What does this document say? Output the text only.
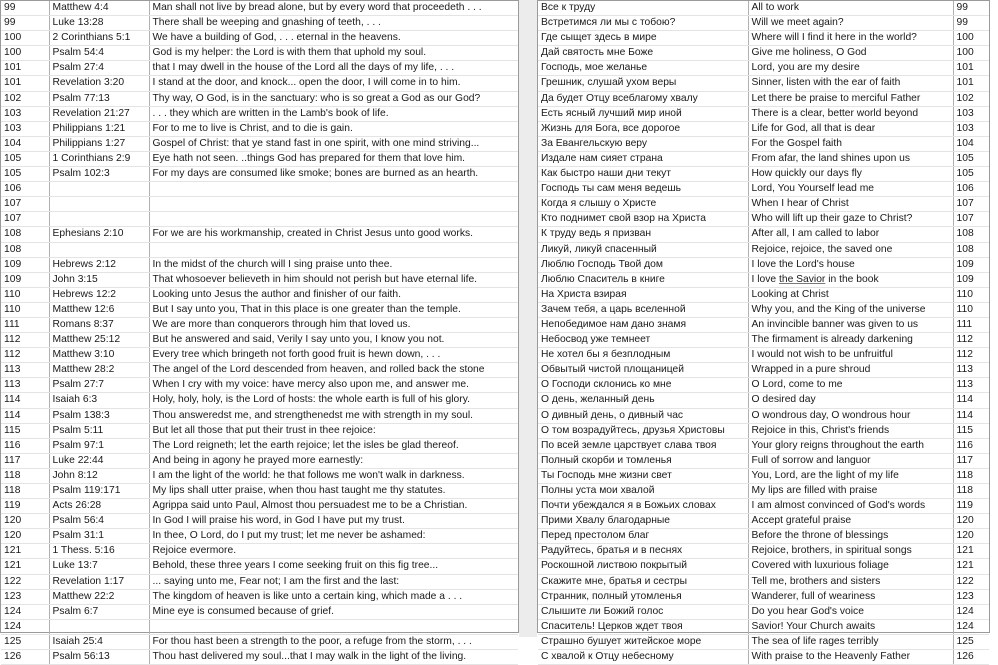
99	Matthew 4:4	Man shall not live by bread alone, but by every word that proceedeth . . .
99	Luke 13:28	There shall be weeping and gnashing of teeth, . . .
100	2 Corinthians 5:1	We have a building of God, . . . eternal in the heavens.
100	Psalm 54:4	God is my helper: the Lord is with them that uphold my soul.
101	Psalm 27:4	that I may dwell in the house of the Lord all the days of my life, . . .
101	Revelation 3:20	I stand at the door, and knock... open the door, I will come in to him.
102	Psalm 77:13	Thy way, O God, is in the sanctuary: who is so great a God as our God?
103	Revelation 21:27	. . . they which are written in the Lamb's book of life.
103	Philippians 1:21	For to me to live is Christ, and to die is gain.
104	Philippians 1:27	Gospel of Christ: that ye stand fast in one spirit, with one mind striving...
105	1 Corinthians 2:9	Eye hath not seen. ..things God has prepared for them that love him.
105	Psalm 102:3	For my days are consumed like smoke; bones are burned as an hearth.
106		
107		
107		
108	Ephesians 2:10	For we are his workmanship, created in Christ Jesus unto good works.
108		
109	Hebrews 2:12	In the midst of the church will I sing praise unto thee.
109	John 3:15	That whosoever believeth in him should not perish but have eternal life.
110	Hebrews 12:2	Looking unto Jesus the author and finisher of our faith.
110	Matthew 12:6	But I say unto you, That in this place is one greater than the temple.
111	Romans 8:37	We are more than conquerors through him that loved us.
112	Matthew 25:12	But he answered and said, Verily I say unto you, I know you not.
112	Matthew 3:10	Every tree which bringeth not forth good fruit is hewn down, . . .
113	Matthew 28:2	The angel of the Lord descended from heaven, and rolled back the stone
113	Psalm 27:7	When I cry with my voice: have mercy also upon me, and answer me.
114	Isaiah 6:3	Holy, holy, holy, is the Lord of hosts: the whole earth is full of his glory.
114	Psalm 138:3	Thou answeredst me, and strengthenedst me with strength in my soul.
115	Psalm 5:11	But let all those that put their trust in thee rejoice:
116	Psalm 97:1	The Lord reigneth; let the earth rejoice; let the isles be glad thereof.
117	Luke 22:44	And being in agony he prayed more earnestly:
118	John 8:12	I am the light of the world: he that follows me won't walk in darkness.
118	Psalm 119:171	My lips shall utter praise, when thou hast taught me thy statutes.
119	Acts 26:28	Agrippa said unto Paul, Almost thou persuadest me to be a Christian.
120	Psalm 56:4	In God I will praise his word, in God I have put my trust.
120	Psalm 31:1	In thee, O Lord, do I put my trust; let me never be ashamed:
121	1 Thess. 5:16	Rejoice evermore.
121	Luke 13:7	Behold, these three years I come seeking fruit on this fig tree...
122	Revelation 1:17	... saying unto me, Fear not; I am the first and the last:
123	Matthew 22:2	The kingdom of heaven is like unto a certain king, which made a . . .
124	Psalm 6:7	Mine eye is consumed because of grief.
124		
125	Isaiah 25:4	For thou hast been a strength to the poor, a refuge from the storm, . . .
126	Psalm 56:13	Thou hast delivered my soul...that I may walk in the light of the living.
Все к труду	All to work	99
Встретимся ли мы с тобою?	Will we meet again?	99
Где сыщет здесь в мире	Where will I find it here in the world?	100
Дай святость мне Боже	Give me holiness, O God	100
Господь, мое желанье	Lord, you are my desire	101
Грешник, слушай ухом веры	Sinner, listen with the ear of faith	101
Да будет Отцу всеблагому хвалу	Let there be praise to merciful Father	102
Есть ясный лучший мир иной	There is a clear, better world beyond	103
Жизнь для Бога, все дорогое	Life for God, all that is dear	103
За Евангельскую веру	For the Gospel faith	104
Издале нам сияет страна	From afar, the land shines upon us	105
Как быстро наши дни текут	How quickly our days fly	105
Господь ты сам меня ведешь	Lord, You Yourself lead me	106
Когда я слышу о Христе	When I hear of Christ	107
Кто поднимет свой взор на Христа	Who will lift up their gaze to Christ?	107
К труду ведь я призван	After all, I am called to labor	108
Ликуй, ликуй спасенный	Rejoice, rejoice, the saved one	108
Люблю Господь Твой дом	I love the Lord's house	109
Люблю Спаситель в книге	I love the Savior in the book	109
На Христа взирая	Looking at Christ	110
Зачем тебя, а царь вселенной	Why you, and the King of the universe	110
Непобедимое нам дано знамя	An invincible banner was given to us	111
Небосвод уже темнеет	The firmament is already darkening	112
Не хотел бы я безплодным	I would not wish to be unfruitful	112
Обвытый чистой площаницей	Wrapped in a pure shroud	113
О Господи склонись ко мне	O Lord, come to me	113
О день, желанный день	O desired day	114
О дивный день, о дивный час	O wondrous day, O wondrous hour	114
О том возрадуйтесь, друзья Христовы	Rejoice in this, Christ's friends	115
По всей земле царствует слава твоя	Your glory reigns throughout the earth	116
Полный скорби и томленья	Full of sorrow and languor	117
Ты Господь мне жизни свет	You, Lord, are the light of my life	118
Полны уста мои хвалой	My lips are filled with praise	118
Почти убеждался я в Божьих словах	I am almost convinced of God's words	119
Прими Хвалу благодарные	Accept grateful praise	120
Перед престолом благ	Before the throne of blessings	120
Радуйтесь, братья и в песнях	Rejoice, brothers, in spiritual songs	121
Роскошной листвою покрытый	Covered with luxurious foliage	121
Скажите мне, братья и сестры	Tell me, brothers and sisters	122
Странник, полный утомленья	Wanderer, full of weariness	123
Слышите ли Божий голос	Do you hear God's voice	124
Спаситель! Церков ждет твоя	Savior! Your Church awaits	124
Страшно бушует житейское море	The sea of life rages terribly	125
С хвалой к Отцу небесному	With praise to the Heavenly Father	126
